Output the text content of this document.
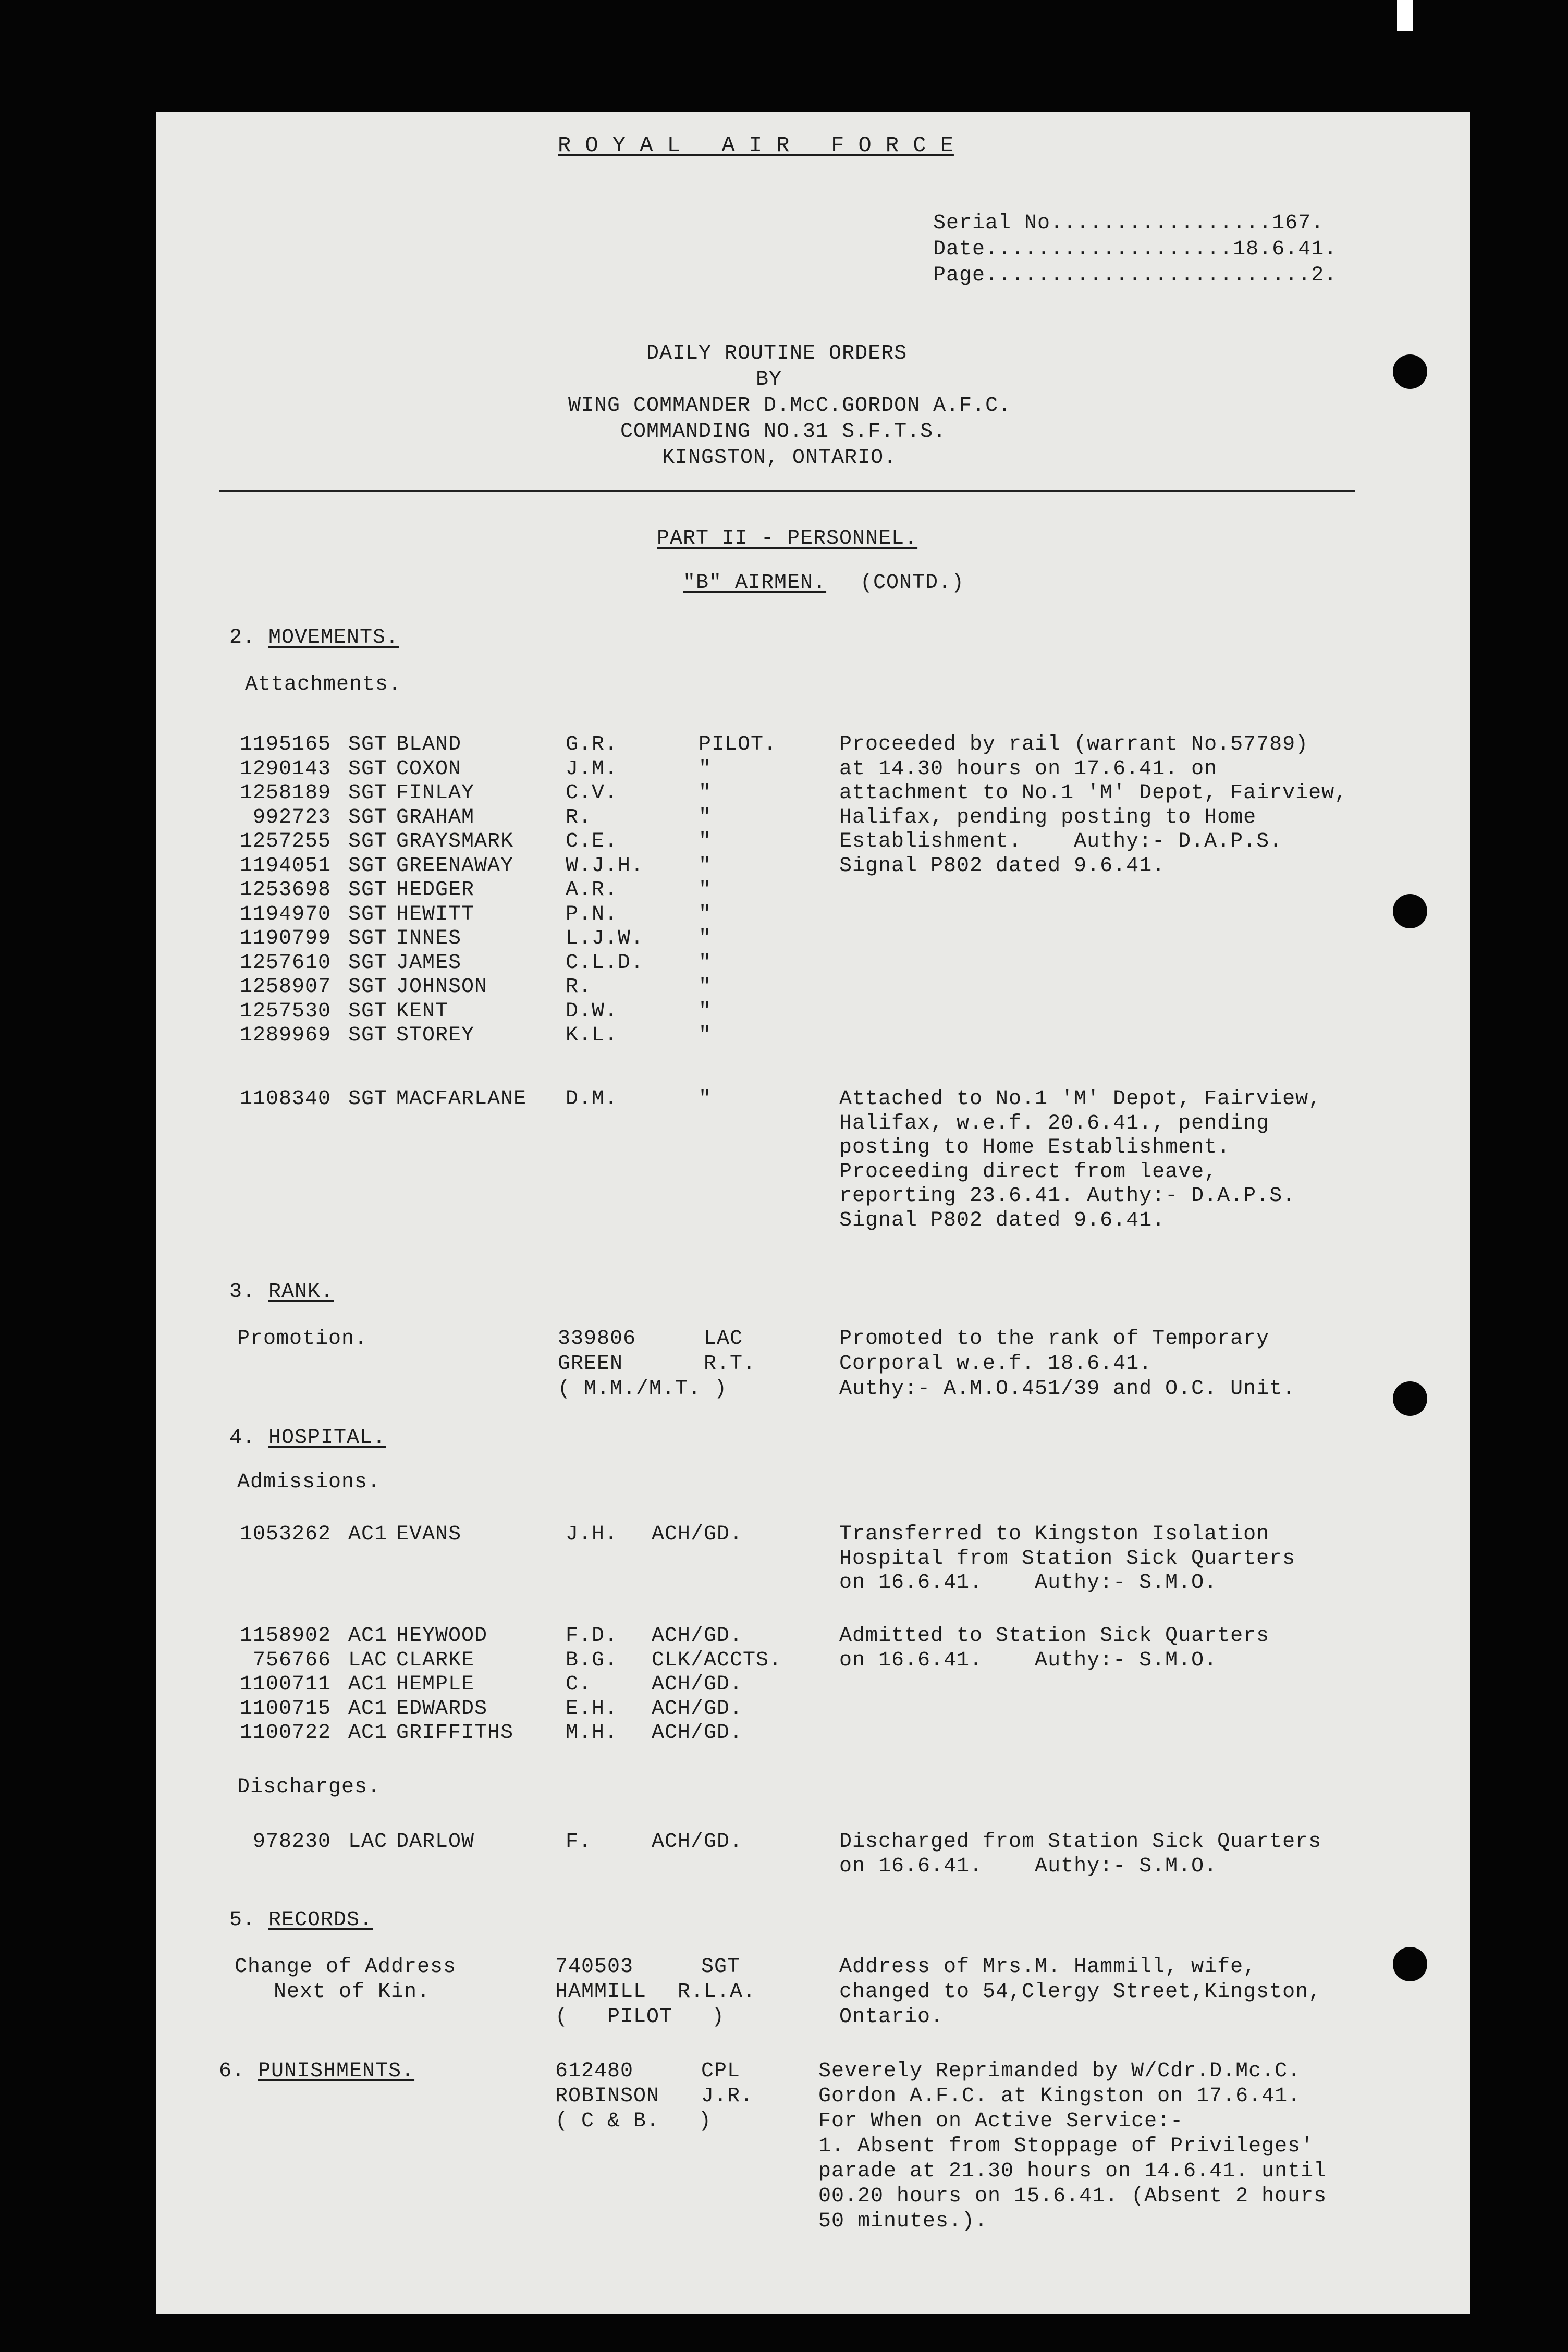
R O Y A L   A I R   F O R C E
Serial No.................167.
Date...................18.6.41.
Page.........................2.
DAILY ROUTINE ORDERS
BY
WING COMMANDER D.McC.GORDON A.F.C.
COMMANDING NO.31 S.F.T.S.
KINGSTON, ONTARIO.
PART II - PERSONNEL.
"B" AIRMEN. (CONTD.)
2. MOVEMENTS.
Attachments.
1195165 SGT BLAND	G.R.	PILOT.
1290143 SGT COXON	J.M.	"
1258189 SGT FINLAY	C.V.	"
992723 SGT GRAHAM	R.	"
1257255 SGT GRAYSMARK C.E.	"
1194051 SGT GREENAWAY W.J.H.	"
1253698 SGT HEDGER	A.R.	"
1194970 SGT HEWITT	P.N.	"
1190799 SGT INNES	L.J.W.	"
1257610 SGT JAMES	C.L.D.	"
1258907 SGT JOHNSON	R.	"
1257530 SGT KENT	D.W.	"
1289969 SGT STOREY	K.L.	"
Proceeded by rail (warrant No.57789)
at 14.30 hours on 17.6.41. on
attachment to No.1 'M' Depot, Fairview,
Halifax, pending posting to Home
Establishment.    Authy:- D.A.P.S.
Signal P802 dated 9.6.41.
1108340 SGT MACFARLANE D.M.	"	Attached to No.1 'M' Depot, Fairview,
Halifax, w.e.f. 20.6.41., pending
posting to Home Establishment.
Proceeding direct from leave,
reporting 23.6.41. Authy:- D.A.P.S.
Signal P802 dated 9.6.41.
3. RANK.
Promotion.	339806	LAC
GREEN	R.T.
( M.M./M.T. )
Promoted to the rank of Temporary
Corporal w.e.f. 18.6.41.
Authy:- A.M.O.451/39 and O.C. Unit.
4. HOSPITAL.
Admissions.
1053262 AC1 EVANS	J.H. ACH/GD.	Transferred to Kingston Isolation
Hospital from Station Sick Quarters
on 16.6.41.    Authy:- S.M.O.
1158902 AC1 HEYWOOD	F.D. ACH/GD.
756766 LAC CLARKE	B.G. CLK/ACCTS.
1100711 AC1 HEMPLE	C.	ACH/GD.
1100715 AC1 EDWARDS	E.H. ACH/GD.
1100722 AC1 GRIFFITHS M.H. ACH/GD.
Admitted to Station Sick Quarters
on 16.6.41.    Authy:- S.M.O.
Discharges.
978230 LAC DARLOW	F.	ACH/GD.	Discharged from Station Sick Quarters
on 16.6.41.    Authy:- S.M.O.
5. RECORDS.
Change of Address
Next of Kin.
740503	SGT
HAMMILL R.L.A.
(   PILOT   )
Address of Mrs.M. Hammill, wife,
changed to 54,Clergy Street,Kingston,
Ontario.
6. PUNISHMENTS.	612480	CPL
ROBINSON J.R.
( C & B.   )
Severely Reprimanded by W/Cdr.D.Mc.C.
Gordon A.F.C. at Kingston on 17.6.41.
For When on Active Service:-
1. Absent from Stoppage of Privileges'
parade at 21.30 hours on 14.6.41. until
00.20 hours on 15.6.41. (Absent 2 hours
50 minutes.).
